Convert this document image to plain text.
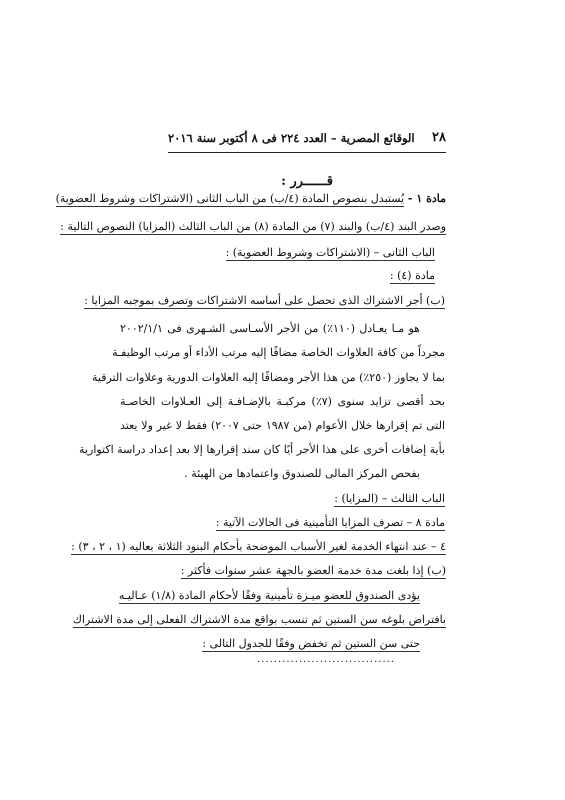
٢٨
الوقائع المصرية – العدد ٢٢٤ فى ٨ أكتوبر سنة ٢٠١٦
قــــــرر :
مادة ١ - يُستبدل بنصوص المادة (٤/ب) من الباب الثانى (الاشتراكات وشروط العضوية)
وصدر البند (٤/ب) والبند (٧) من المادة (٨) من الباب الثالث (المزايا) النصوص التالية :
الباب الثانى – (الاشتراكات وشروط العضوية) :
مادة (٤) :
(ب) أجر الاشتراك الذى تحصل على أساسه الاشتراكات وتصرف بموجبه المزايا :
هو مـا يعـادل (١١٠٪) من الأجر الأسـاسى الشـهرى فى ٢٠٠٢/١/١
مجرداً من كافة العلاوات الخاصة مضافًا إليه مرتب الأداء أو مرتب الوظيفـة
بما لا يجاوز (٢٥٠٪) من هذا الأجر ومضافًا إليه العلاوات الدورية وعلاوات الترقية
بحد أقصى تزايد سنوى (٧٪) مركبـة بالإضـافـة إلى العـلاوات الخاصـة
التى تم إقرارها خلال الأعوام (من ١٩٨٧ حتى ٢٠٠٧) فقط لا غير ولا يعتد
بأية إضافات أخرى على هذا الأجر أيًا كان سند إقرارها إلا بعد إعداد دراسة اكتوارية
بفحص المركز المالى للصندوق واعتمادها من الهيئة .
الباب الثالث – (المزايا) :
مادة ٨ – تصرف المزايا التأمينية فى الحالات الآتية :
٤ – عند انتهاء الخدمة لغير الأسباب الموضحة بأحكام البنود الثلاثة بعاليه (١ ، ٢ ، ٣) :
(ب) إذا بلغت مدة خدمة العضو بالجهة عشر سنوات فأكثر :
يؤدى الصندوق للعضو ميـزة تأمينية وفقًا لأحكام المادة (١/٨) عـاليـه
بافتراض بلوغه سن الستين ثم تنسب بواقع مدة الاشتراك الفعلى إلى مدة الاشتراك
حتى سن الستين ثم تخفض وفقًا للجدول التالى :
.................................
